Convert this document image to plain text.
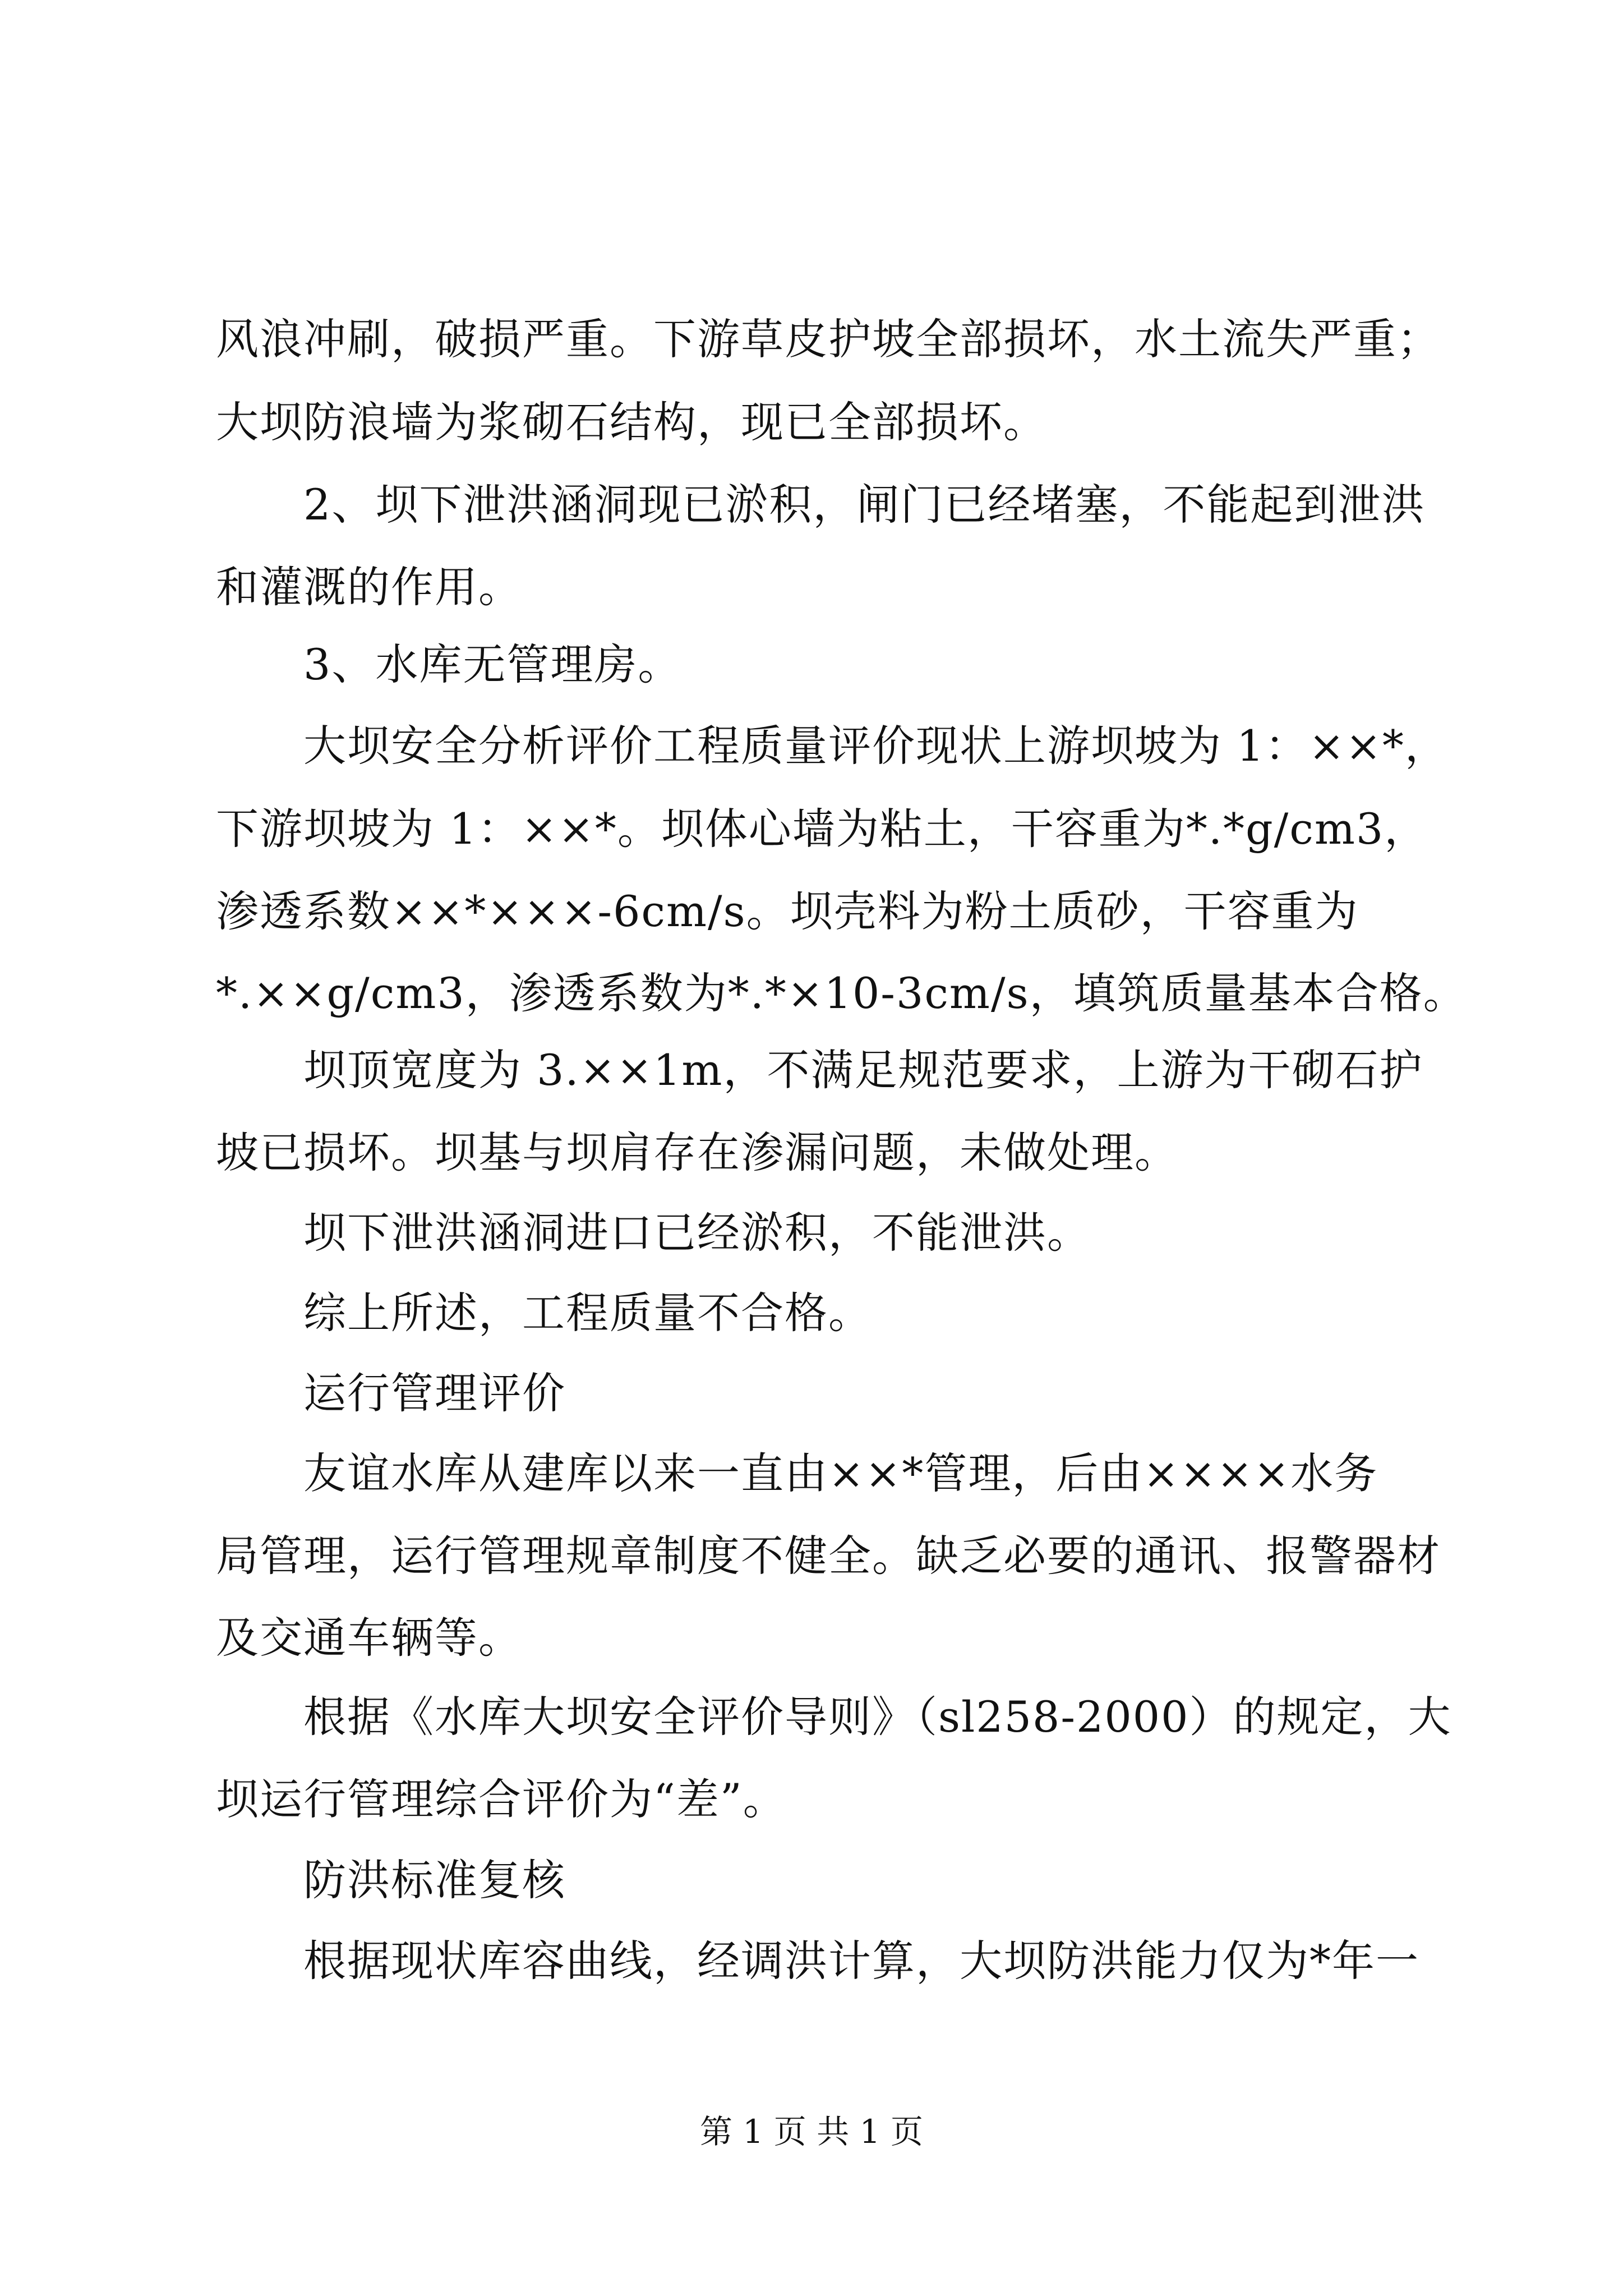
风浪冲刷，破损严重。下游草皮护坡全部损坏，水土流失严重；
大坝防浪墙为浆砌石结构，现已全部损坏。
　　2、坝下泄洪涵洞现已淤积，闸门已经堵塞，不能起到泄洪
和灌溉的作用。
　　3、水库无管理房。
　　大坝安全分析评价工程质量评价现状上游坝坡为 1：××*，
下游坝坡为 1：××*。坝体心墙为粘土，干容重为*.*g/cm3，
渗透系数××*×××-6cm/s。坝壳料为粉土质砂，干容重为
*.××g/cm3，渗透系数为*.*×10-3cm/s，填筑质量基本合格。
　　坝顶宽度为 3.××1m，不满足规范要求，上游为干砌石护
坡已损坏。坝基与坝肩存在渗漏问题，未做处理。
　　坝下泄洪涵洞进口已经淤积，不能泄洪。
　　综上所述，工程质量不合格。
　　运行管理评价
　　友谊水库从建库以来一直由××*管理，后由××××水务
局管理，运行管理规章制度不健全。缺乏必要的通讯、报警器材
及交通车辆等。
　　根据《水库大坝安全评价导则》（sl258-2000）的规定，大
坝运行管理综合评价为“差”。
　　防洪标准复核
　　根据现状库容曲线，经调洪计算，大坝防洪能力仅为*年一
第 1 页 共 1 页
